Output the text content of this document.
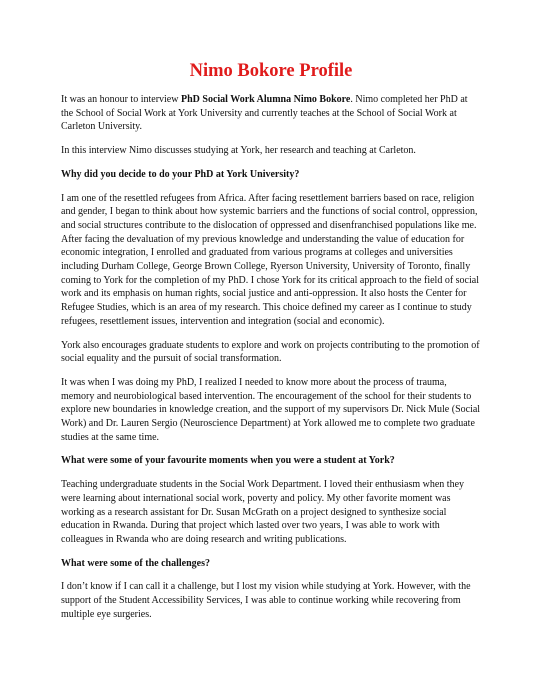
Nimo Bokore Profile

It was an honour to interview PhD Social Work Alumna Nimo Bokore. Nimo completed her PhD at the School of Social Work at York University and currently teaches at the School of Social Work at Carleton University.

In this interview Nimo discusses studying at York, her research and teaching at Carleton.

Why did you decide to do your PhD at York University?

I am one of the resettled refugees from Africa. After facing resettlement barriers based on race, religion and gender, I began to think about how systemic barriers and the functions of social control, oppression, and social structures contribute to the dislocation of oppressed and disenfranchised populations like me. After facing the devaluation of my previous knowledge and understanding the value of education for economic integration, I enrolled and graduated from various programs at colleges and universities including Durham College, George Brown College, Ryerson University, University of Toronto, finally coming to York for the completion of my PhD. I chose York for its critical approach to the field of social work and its emphasis on human rights, social justice and anti-oppression. It also hosts the Center for Refugee Studies, which is an area of my research. This choice defined my career as I continue to study refugees, resettlement issues, intervention and integration (social and economic).

York also encourages graduate students to explore and work on projects contributing to the promotion of social equality and the pursuit of social transformation.

It was when I was doing my PhD, I realized I needed to know more about the process of trauma, memory and neurobiological based intervention. The encouragement of the school for their students to explore new boundaries in knowledge creation, and the support of my supervisors Dr. Nick Mule (Social Work) and Dr. Lauren Sergio (Neuroscience Department) at York allowed me to complete two graduate studies at the same time.

What were some of your favourite moments when you were a student at York?

Teaching undergraduate students in the Social Work Department. I loved their enthusiasm when they were learning about international social work, poverty and policy. My other favorite moment was working as a research assistant for Dr. Susan McGrath on a project designed to synthesize social education in Rwanda. During that project which lasted over two years, I was able to work with colleagues in Rwanda who are doing research and writing publications.

What were some of the challenges?

I don’t know if I can call it a challenge, but I lost my vision while studying at York. However, with the support of the Student Accessibility Services, I was able to continue working while recovering from multiple eye surgeries.
